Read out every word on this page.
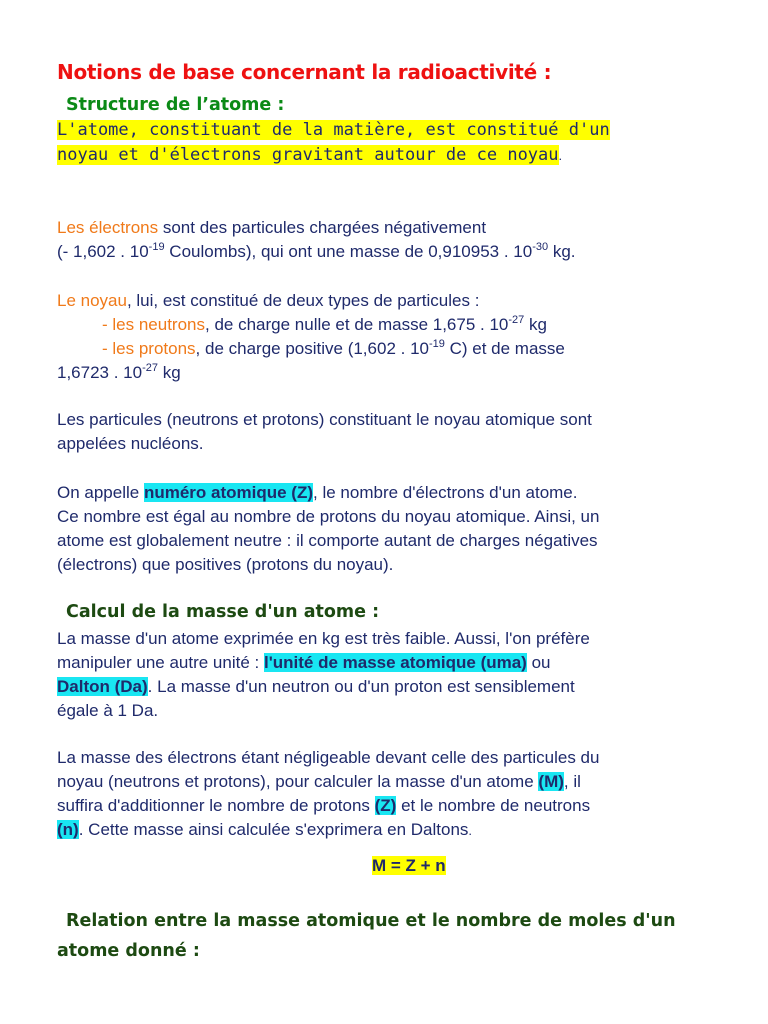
Notions de base concernant la radioactivité :
Structure de l’atome :
L'atome, constituant de la matière, est constitué d'un
noyau et d'électrons gravitant autour de ce noyau.
Les électrons sont des particules chargées négativement
(- 1,602 . $10^{-19}$ Coulombs), qui ont une masse de 0,910953 . $10^{-30}$ kg.
Le noyau, lui, est constitué de deux types de particules :
- les neutrons, de charge nulle et de masse 1,675 . $10^{-27}$ kg
- les protons, de charge positive (1,602 . $10^{-19}$ C) et de masse
1,6723 . $10^{-27}$ kg
Les particules (neutrons et protons) constituant le noyau atomique sont
appelées nucléons.
On appelle numéro atomique (Z), le nombre d'électrons d'un atome.
Ce nombre est égal au nombre de protons du noyau atomique. Ainsi, un
atome est globalement neutre : il comporte autant de charges négatives
(électrons) que positives (protons du noyau).
Calcul de la masse d'un atome :
La masse d'un atome exprimée en kg est très faible. Aussi, l'on préfère
manipuler une autre unité : l'unité de masse atomique (uma) ou
Dalton (Da). La masse d'un neutron ou d'un proton est sensiblement
égale à 1 Da.
La masse des électrons étant négligeable devant celle des particules du
noyau (neutrons et protons), pour calculer la masse d'un atome (M), il
suffira d'additionner le nombre de protons (Z) et le nombre de neutrons
(n). Cette masse ainsi calculée s'exprimera en Daltons.
M = Z + n
Relation entre la masse atomique et le nombre de moles d'un
atome donné :
